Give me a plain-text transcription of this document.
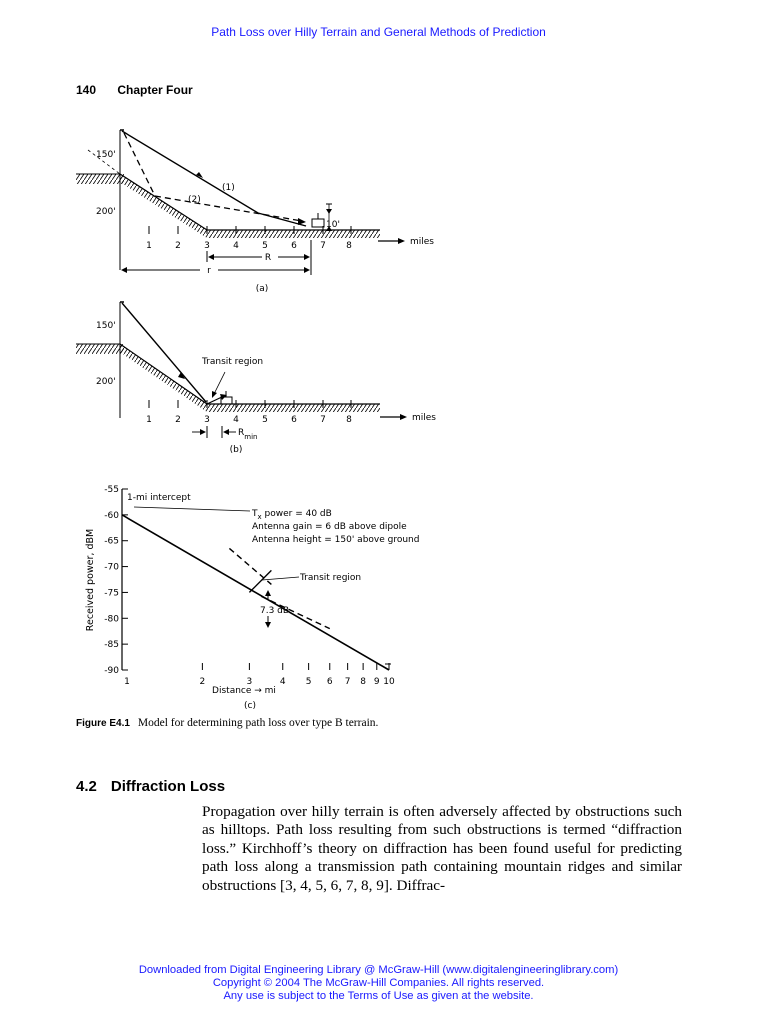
Path Loss over Hilly Terrain and General Methods of Prediction
140 Chapter Four
10'
150'
200'
(1)
(2)
1	2	3	4	5	6	7 8	miles
R
r
(a)
Transit region
150'
200'
1	2	3	4	5	6	7 8	miles
$R_{min}$
(b)
Received power, dBM
-55
-60
-65
-70
-75
-80
-85
-90
1	2	3	4 5 6 7 8 9 10
1-mi intercept
$T_x$ power = 40 dB
Antenna gain = 6 dB above dipole
Antenna height = 150' above ground
Transit region
7.3 dB
Distance → mi
(c)
Figure E4.1 Model for determining path loss over type B terrain.
4.2 Diffraction Loss
Propagation over hilly terrain is often adversely affected by obstructions such as hilltops. Path loss resulting from such obstructions is termed “diffraction loss.” Kirchhoff’s theory on diffraction has been found useful for predicting path loss along a transmission path containing mountain ridges and similar obstructions [3, 4, 5, 6, 7, 8, 9]. Diffrac-
Downloaded from Digital Engineering Library @ McGraw-Hill (www.digitalengineeringlibrary.com)
Copyright © 2004 The McGraw-Hill Companies. All rights reserved.
Any use is subject to the Terms of Use as given at the website.
